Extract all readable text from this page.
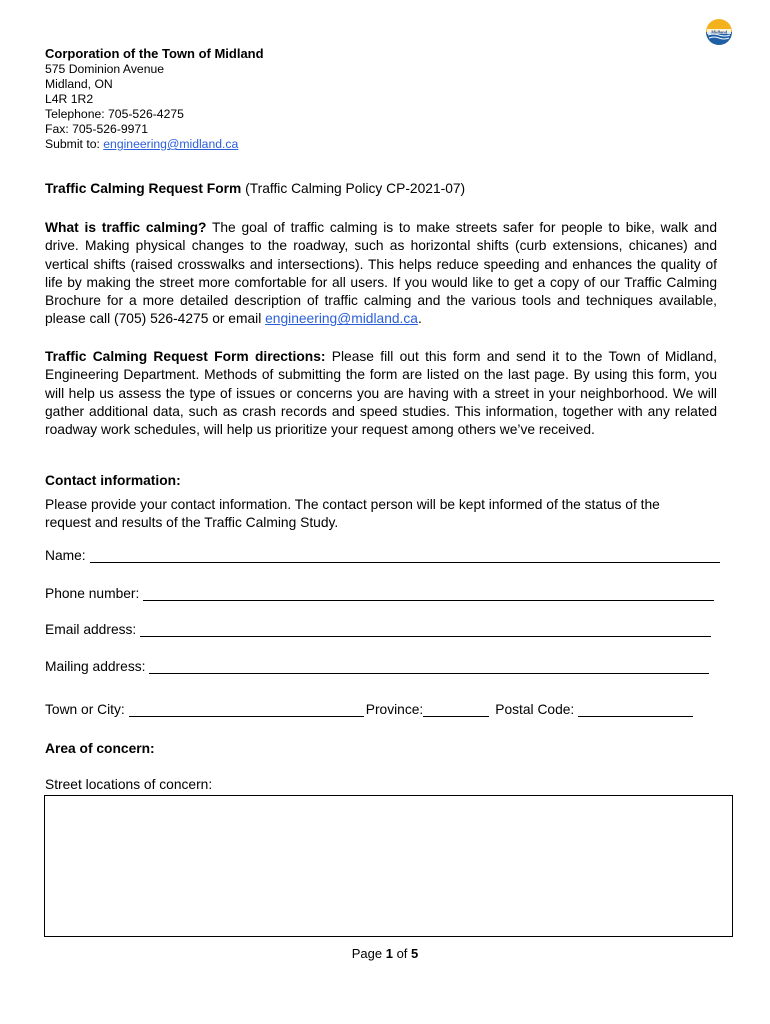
Midland
Corporation of the Town of Midland
575 Dominion Avenue
Midland, ON
L4R 1R2
Telephone: 705-526-4275
Fax: 705-526-9971
Submit to: engineering@midland.ca
Traffic Calming Request Form (Traffic Calming Policy CP-2021-07)
What is traffic calming? The goal of traffic calming is to make streets safer for people to bike, walk and drive. Making physical changes to the roadway, such as horizontal shifts (curb extensions, chicanes) and vertical shifts (raised crosswalks and intersections). This helps reduce speeding and enhances the quality of life by making the street more comfortable for all users. If you would like to get a copy of our Traffic Calming Brochure for a more detailed description of traffic calming and the various tools and techniques available, please call (705) 526-4275 or email engineering@midland.ca.
Traffic Calming Request Form directions: Please fill out this form and send it to the Town of Midland, Engineering Department. Methods of submitting the form are listed on the last page. By using this form, you will help us assess the type of issues or concerns you are having with a street in your neighborhood. We will gather additional data, such as crash records and speed studies. This information, together with any related roadway work schedules, will help us prioritize your request among others we’ve received.
Contact information:
Please provide your contact information. The contact person will be kept informed of the status of the request and results of the Traffic Calming Study.
Name:
Phone number:
Email address:
Mailing address:
Town or City:	Province:	Postal Code:
Area of concern:
Street locations of concern:
Page 1 of 5
